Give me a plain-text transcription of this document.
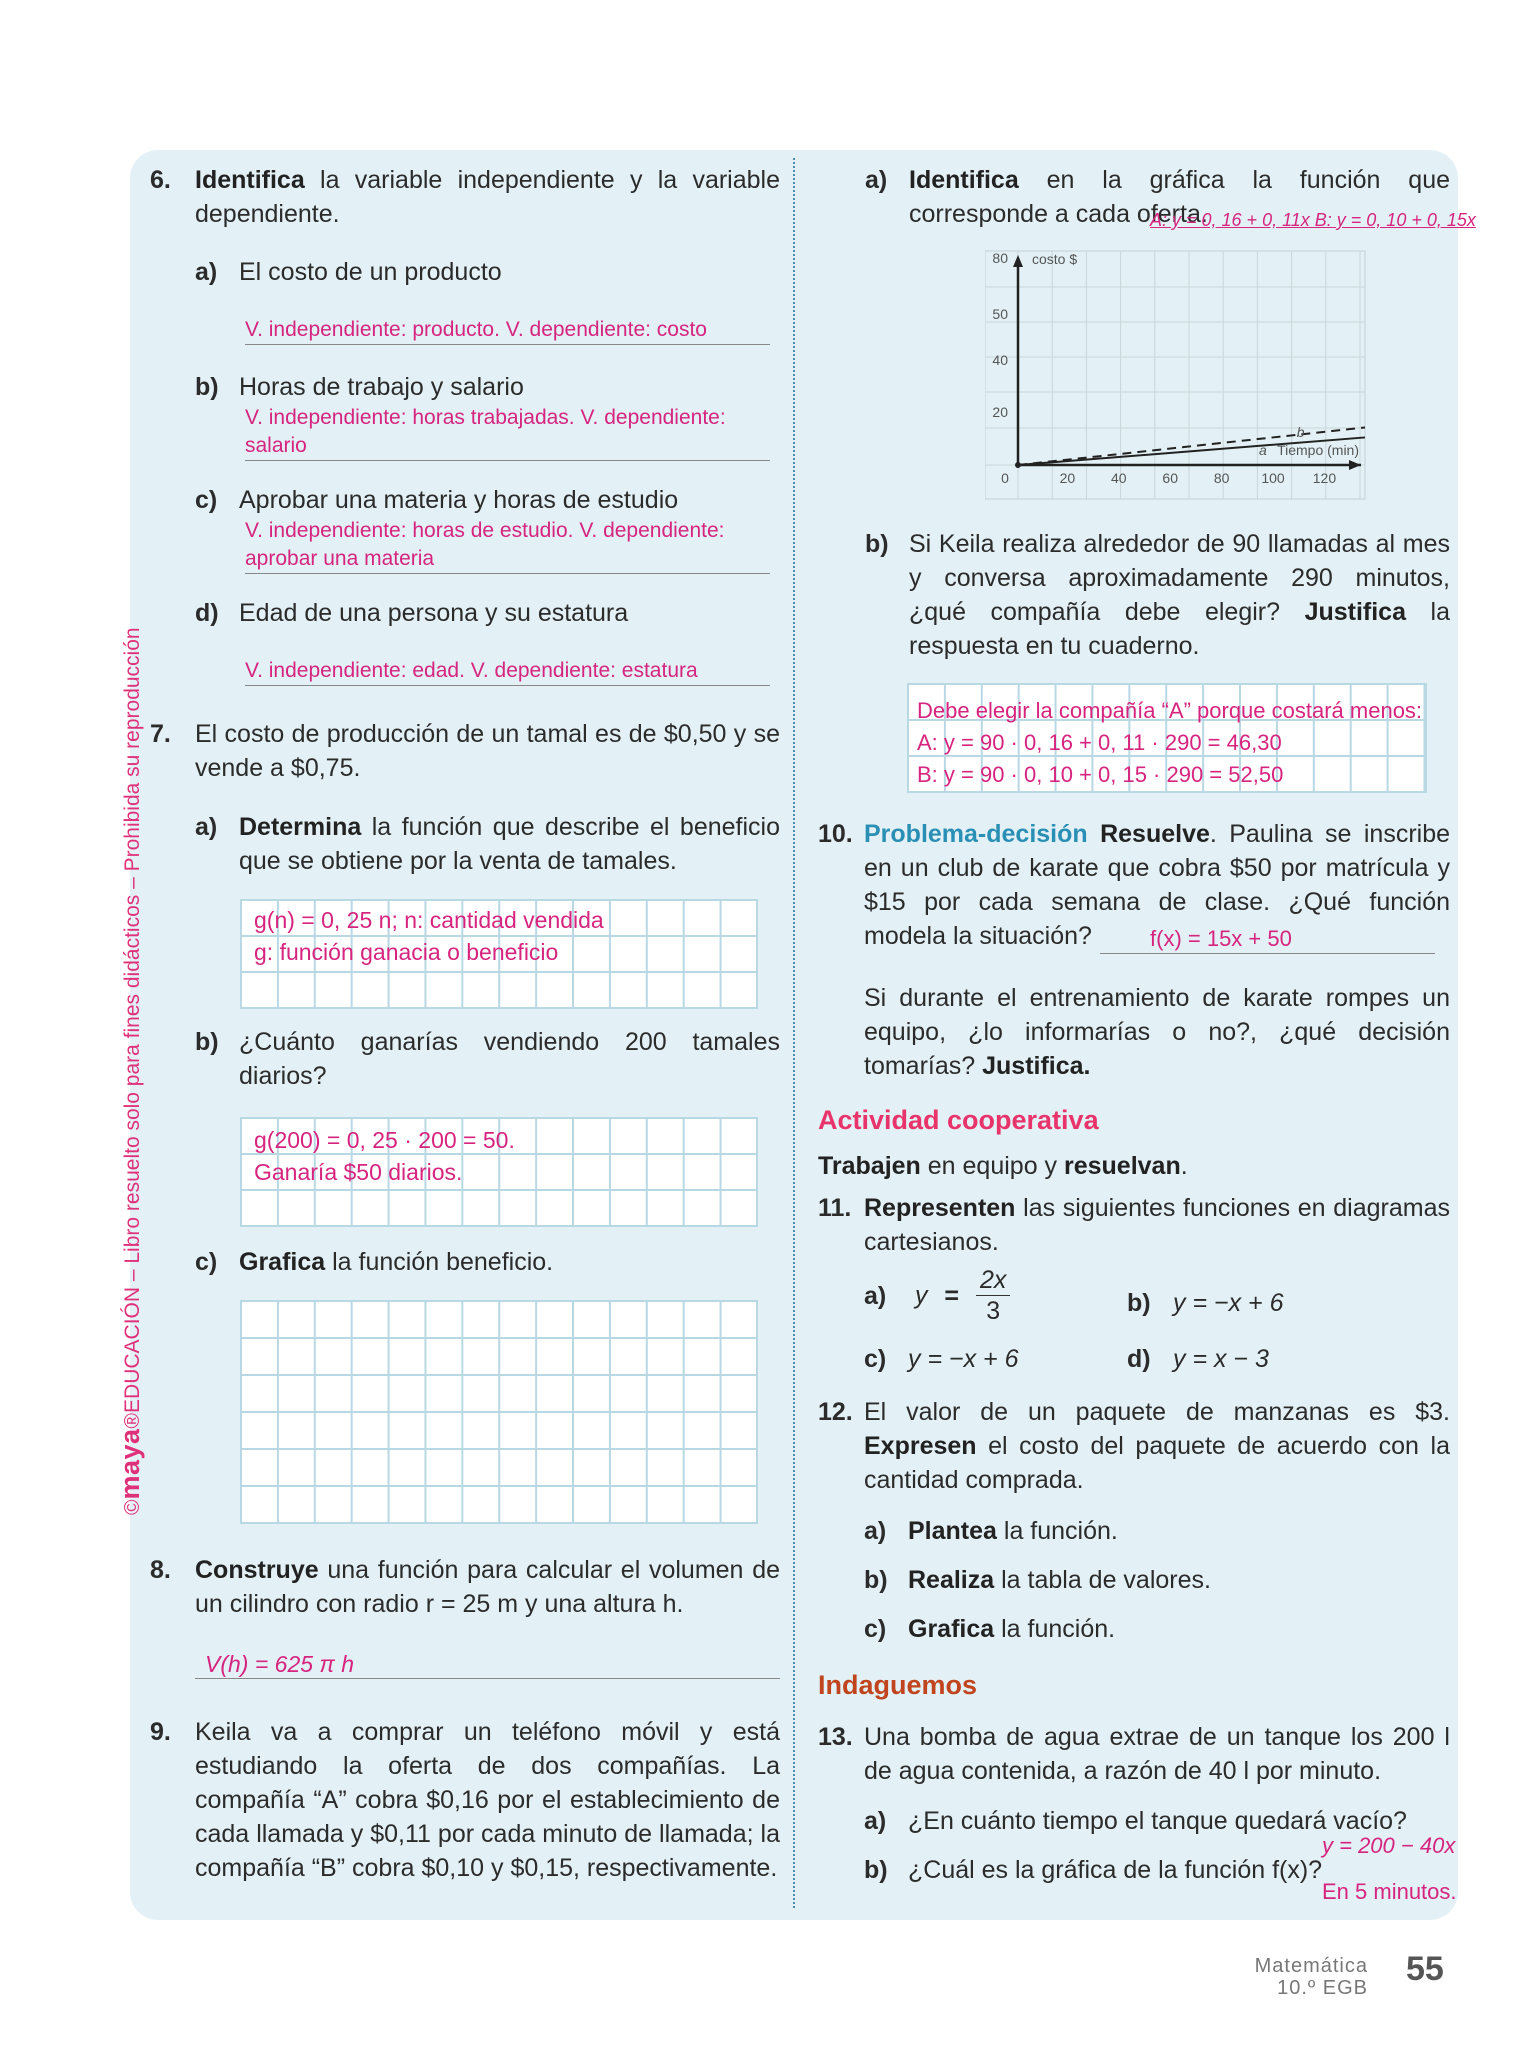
©maya®EDUCACIÓN – Libro resuelto solo para fines didácticos – Prohibida su reproducción
6. Identifica la variable independiente y la variable dependiente.
a) El costo de un producto
V. independiente: producto. V. dependiente: costo
b) Horas de trabajo y salario
V. independiente: horas trabajadas. V. dependiente: salario
c) Aprobar una materia y horas de estudio
V. independiente: horas de estudio. V. dependiente: aprobar una materia
d) Edad de una persona y su estatura
V. independiente: edad. V. dependiente: estatura
7. El costo de producción de un tamal es de $0,50 y se vende a $0,75.
a) Determina la función que describe el beneficio que se obtiene por la venta de tamales.
g(n) = 0, 25 n; n: cantidad vendida
g: función ganacia o beneficio
b) ¿Cuánto ganarías vendiendo 200 tamales diarios?
g(200) = 0, 25 · 200 = 50.
Ganaría $50 diarios.
c) Grafica la función beneficio.
8. Construye una función para calcular el volumen de un cilindro con radio r = 25 m y una altura h.
V(h) = 625 π h
9. Keila va a comprar un teléfono móvil y está estudiando la oferta de dos compañías. La compañía “A” cobra $0,16 por el establecimiento de cada llamada y $0,11 por cada minuto de llamada; la compañía “B” cobra $0,10 y $0,15, respectivamente.
a) Identifica en la gráfica la función que corresponde a cada oferta.
A: y = 0, 16 + 0, 11x B: y = 0, 10 + 0, 15x
20
40
50
80
0	20	40	60	80 100 120
costo $
Tiempo (min)
a
b
b) Si Keila realiza alrededor de 90 llamadas al mes y conversa aproximadamente 290 minutos, ¿qué compañía debe elegir? Justifica la respuesta en tu cuaderno.
Debe elegir la compañía “A” porque costará menos:
A: y = 90 · 0, 16 + 0, 11 · 290 = 46,30
B: y = 90 · 0, 10 + 0, 15 · 290 = 52,50
10. Problema-decisión Resuelve. Paulina se inscribe en un club de karate que cobra $50 por matrícula y $15 por cada semana de clase. ¿Qué función modela la situación?	f(x) = 15x + 50
Si durante el entrenamiento de karate rompes un equipo, ¿lo informarías o no?, ¿qué decisión tomarías? Justifica.
Actividad cooperativa
Trabajen en equipo y resuelvan.
11. Representen las siguientes funciones en diagramas cartesianos.
a) $y = \frac{2x}{3}$	b) y = −x + 6
c) y = −x + 6	d) y = x − 3
12. El valor de un paquete de manzanas es $3. Expresen el costo del paquete de acuerdo con la cantidad comprada.
a) Plantea la función.
b) Realiza la tabla de valores.
c) Grafica la función.
Indaguemos
13. Una bomba de agua extrae de un tanque los 200 l de agua contenida, a razón de 40 l por minuto.
a) ¿En cuánto tiempo el tanque quedará vacío?
b) ¿Cuál es la gráfica de la función f(x)?
y = 200 − 40x
En 5 minutos.
Matemática
10.º EGB 55
